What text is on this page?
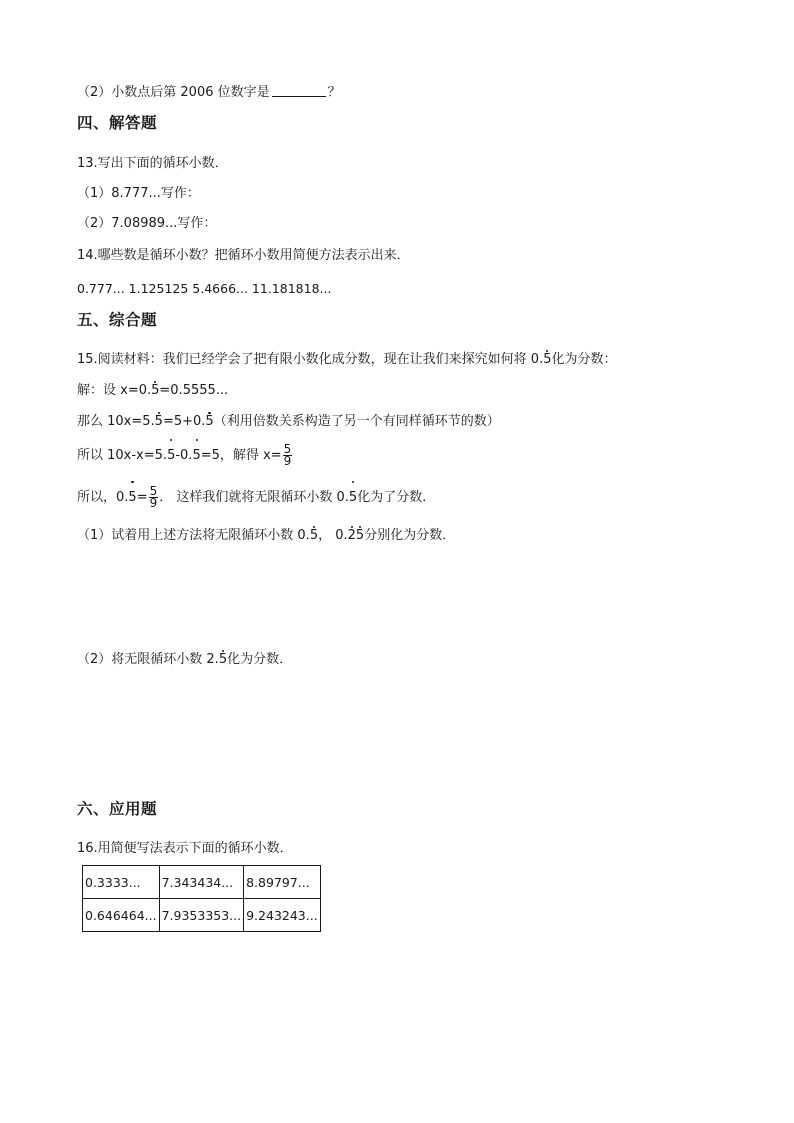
（2）小数点后第 2006 位数字是	？
四、解答题
13.写出下面的循环小数．
（1）8.777...写作：
（2）7.08989...写作：
14.哪些数是循环小数？把循环小数用简便方法表示出来．
0.777... 1.125125 5.4666... 11.181818...
五、综合题
15.阅读材料：我们已经学会了把有限小数化成分数，现在让我们来探究如何将 0.5化为分数：
解：设 x=0.5=0.5555...
那么 10x=5.5=5+0.5（利用倍数关系构造了另一个有同样循环节的数）
所以 10x-x=5.5-0.5=5，解得 $x= \frac{5}{9}$
所以，$0.5= \frac{5}{9}$ ． 这样我们就将无限循环小数 0.5化为了分数．
（1）试着用上述方法将无限循环小数 0.5， 0.25分别化为分数．
（2）将无限循环小数 2.5化为分数．
六、应用题
16.用简便写法表示下面的循环小数．
0.3333...	7.343434...	8.89797...
0.646464...	7.9353353...	9.243243...
